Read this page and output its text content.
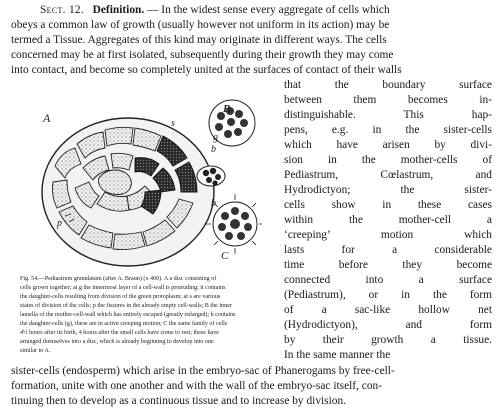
Sect. 12. Definition. — In the widest sense every aggregate of cells which
obeys a common law of growth (usually however not uniform in its action) may be
termed a Tissue. Aggregates of this kind may originate in different ways. The cells
concerned may be at first isolated, subsequently during their growth they may come
into contact, and become so completely united at the surfaces of contact of their walls
that the boundary surface
between them becomes in-
distinguishable. This hap-
pens, e.g. in the sister-cells
which have arisen by divi-
sion in the mother-cells of
Pediastrum, Cœlastrum, and
Hydrodictyon; the sister-
cells show in these cases
within the mother-cell a
‘creeping’ motion which
lasts for a considerable
time before they become
connected into a surface
(Pediastrum), or in the form
of a sac-like hollow net
(Hydrodictyon), and form
by their growth a tissue.
In the same manner the
A
B
C
g
b
b
s
p
Fig. 54.—Pediastrum granulatum (after A. Braun) (x 400). A a disc consisting of
cells grown together; at g the innermost layer of a cell-wall is protruding; it contains
the daughter-cells resulting from division of the green protoplasm; at s are various
states of division of the cells; p the fissures in the already empty cell-walls; B the inner
lamella of the mother-cell-wall which has entirely escaped (greatly enlarged); b contains
the daughter-cells (g), these are in active creeping motion; C the same family of cells
4½ hours after its birth, 4 hours after the small cells have come to rest; these have
arranged themselves into a disc, which is already beginning to develop into one
similar to A.
sister-cells (endosperm) which arise in the embryo-sac of Phanerogams by free-cell-
formation, unite with one another and with the wall of the embryo-sac itself, con-
tinuing then to develop as a continuous tissue and to increase by division.
